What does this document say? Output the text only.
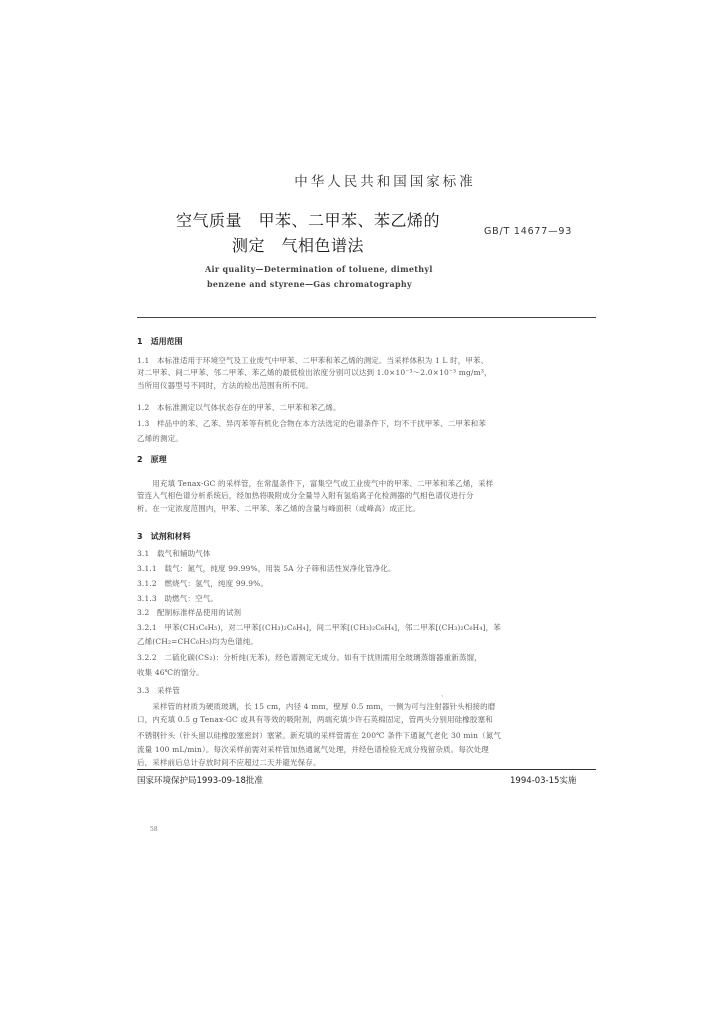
中华人民共和国国家标准
空气质量　甲苯、二甲苯、苯乙烯的
测定　气相色谱法
GB/T 14677—93
Air quality—Determination of toluene, dimethyl
benzene and styrene—Gas chromatography
1　适用范围
1.1　本标准适用于环境空气及工业废气中甲苯、二甲苯和苯乙烯的测定。当采样体积为 1 L 时，甲苯、
对二甲苯、间二甲苯、邻二甲苯、苯乙烯的最低检出浓度分别可以达到 1.0×10⁻³～2.0×10⁻³ mg/m³，
当所用仪器型号不同时，方法的检出范围有所不同。
1.2　本标准测定以气体状态存在的甲苯、二甲苯和苯乙烯。
1.3　样品中的苯、乙苯、异丙苯等有机化合物在本方法选定的色谱条件下，均不干扰甲苯、二甲苯和苯
乙烯的测定。
2　原理
　　用充填 Tenax-GC 的采样管，在常温条件下，富集空气或工业废气中的甲苯、二甲苯和苯乙烯，采样
管连入气相色谱分析系统后，经加热将吸附成分全量导入附有氢焰离子化检测器的气相色谱仪进行分
析。在一定浓度范围内，甲苯、二甲苯、苯乙烯的含量与峰面积（或峰高）成正比。
3　试剂和材料
3.1　载气和辅助气体
3.1.1　载气：氮气，纯度 99.99%，用装 5A 分子筛和活性炭净化管净化。
3.1.2　燃烧气：氢气，纯度 99.9%。
3.1.3　助燃气：空气。
3.2　配制标准样品使用的试剂
3.2.1　甲苯(CH₃C₆H₅)，对二甲苯[(CH₃)₂C₆H₄]，间二甲苯[(CH₃)₂C₆H₄]，邻二甲苯[(CH₃)₂C₆H₄]，苯
乙烯(CH₂=CHC₆H₅)均为色谱纯。
3.2.2　二硫化碳(CS₂)：分析纯(无苯)，经色谱测定无成分。如有干扰则需用全玻璃蒸馏器重新蒸馏，
收集 46℃的馏分。
3.3　采样管
　　采样管的材质为硬质玻璃，长 15 cm，内径 4 mm，壁厚 0.5 mm，一侧为可与注射器针头相接的磨
口，内充填 0.5 g Tenax-GC 或具有等效的吸附剂，两端充填少许石英棉固定，管两头分别用硅橡胶塞和
不锈钢针头（针头留以硅橡胶塞密封）塞紧。新充填的采样管需在 200℃ 条件下通氮气老化 30 min（氮气
流量 100 mL/min）。每次采样前需对采样管加热通氮气处理，并经色谱检验无成分残留杂质。每次处理
后，采样前后总计存放时间不应超过二天并避光保存。
国家环境保护局1993-09-18批准	1994-03-15实施
58
、
